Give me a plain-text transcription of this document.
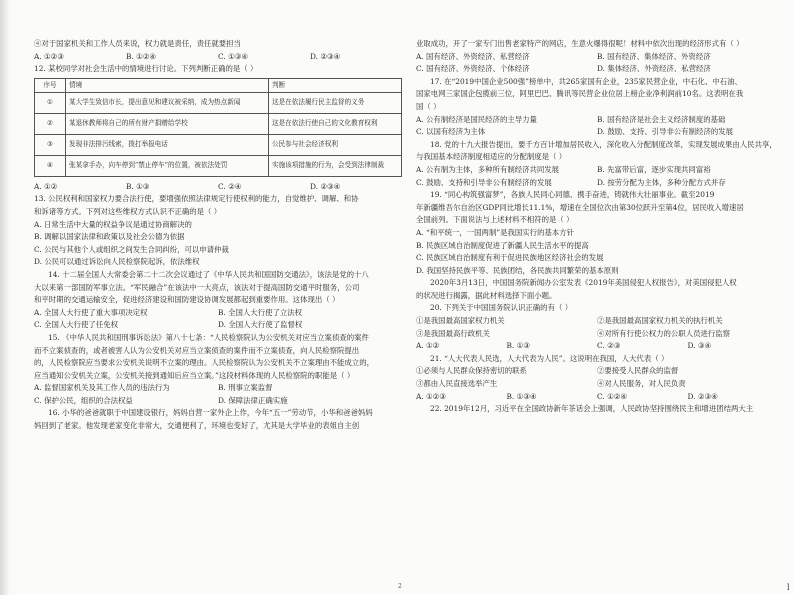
④对于国家机关和工作人员来说，权力就是责任，责任就要担当
A. ①②③	B. ①②④	C. ①③④	D. ②③④
12. 某校同学对社会生活中的情境进行讨论。下列判断正确的是（ ）
序号	情境	判断
①	某大学生致信市长，提出意见和建议被采纳，成为热点新闻	这是在依法履行民主监督的义务
②	某退休教师将自己的所有财产捐赠给学校	这是在依法行使自己的文化教育权利
③	发现非法排污线索，拨打举报电话	公民参与社会经济权利
④	张某拿手办，向车停到“禁止停车”的位置，被依法处罚	实施该项措施的行为，会受到法律制裁
A. ①②	B. ①③	C. ②④	D. ②③④
13. 公民权利和国家权力要合法行使，要增强依照法律规定行使权利的能力，自觉维护、调解、和协
和诉诸等方式。下列对这些维权方式认识不正确的是（ ）
A. 日常生活中大量的权益争议是通过协商解决的
B. 调解以国家法律和政策以及社会公德为依据
C. 公民与其他个人或组织之间发生合同纠纷，可以申请仲裁
D. 公民可以通过诉讼向人民检察院起诉，依法维权
14. 十二届全国人大常委会第二十二次会议通过了《中华人民共和国国防交通法》，该法是党的十八
大以来第一部国防军事立法。“军民融合”在该法中一大亮点，该法对于提高国防交通平时服务，公司
和平时期的交通运输安全，促进经济建设和国防建设协调发展都起到重要作用。这体现出（ ）
A. 全国人大行使了重大事项决定权	B. 全国人大行使了立法权
C. 全国人大行使了任免权	D. 全国人大行使了监督权
15. 《中华人民共和国刑事诉讼法》第八十七条：“人民检察院认为公安机关对应当立案侦查的案件
而不立案侦查的，或者被害人认为公安机关对应当立案侦查的案件而不立案侦查，向人民检察院提出
的，人民检察院应当要求公安机关说明不立案的理由。人民检察院认为公安机关不立案理由不能成立的，
应当通知公安机关立案，公安机关接到通知后应当立案。”这段材料体现的人民检察院的职能是（ ）
A. 监督国家机关及其工作人员的违法行为	B. 刑事立案监督
C. 保护公民，组织的合法权益	D. 保障法律正确实施
16. 小华的爸爸就职于中国建设银行，妈妈自营一家外企上作，今年“五一”劳动节，小华和爸爸妈妈
妈回到了老家。他发现老家变化非常大，交通便利了，环境也变好了，尤其是大学毕业的表姐自主创
业取成功，开了一家专门出售老家特产的网店，生意火爆得很呢！材料中依次出现的经济形式有（ ）
A. 国有经济、外资经济、私营经济	B. 国有经济、集体经济、外资经济
C. 国有经济、外资经济、个体经济	D. 集体经济、外资经济、私营经济
17. 在“2019中国企业500强”榜单中，共265家国有企业，235家民营企业，中石化、中石油、
国家电网三家国企包揽前三位，阿里巴巴、腾讯等民营企业位居上榜企业净利润前10名。这表明在我
国（ ）
A. 公有制经济是国民经济的主导力量	B. 国有经济是社会主义经济制度的基础
C. 以国有经济为主体	D. 鼓励、支持、引导非公有制经济的发展
18. 党的十九大报告提出，要千方百计增加居民收入，深化收入分配制度改革，实现发展成果由人民共享，
与我国基本经济制度相适应的分配制度是（ ）
A. 公有制为主体，多种所有制经济共同发展	B. 先富带后富，逐步实现共同富裕
C. 鼓励、支持和引导非公有制经济的发展	D. 按劳分配为主体，多种分配方式并存
19. “同心构筑强富梦”，各族人民同心同德、携手奋进，铸就伟大壮丽事业。截至2019
年新疆维吾尔自治区GDP同比增长11.1%，增速在全国位次由第30位跃升至第4位，居民收入增速居
全国前列。下面说法与上述材料不相符的是（ ）
A. “和平统一，一国两制”是我国实行的基本方针
B. 民族区域自治制度促进了新疆人民生活水平的提高
C. 民族区域自治制度有利于促进民族地区经济社会的发展
D. 我国坚持民族平等、民族团结，各民族共同繁荣的基本原则
2020年3月13日，中国国务院新闻办公室发表《2019年美国侵犯人权报告》，对美国侵犯人权
的状况进行揭露，据此材料选择下面小题。
20. 下列关于中国国务院认识正确的有（ ）
①是我国最高国家权力机关	②是我国最高国家权力机关的执行机关
③是我国最高行政机关	④对所有行使公权力的公职人员进行监察
A. ①②	B. ①③	C. ②③	D. ③④
21. “人大代表人民选，人大代表为人民”。这说明在我国，人大代表（ ）
①必须与人民群众保持密切的联系	②要接受人民群众的监督
③都由人民直接选举产生	④对人民服务，对人民负责
A. ①②③	B. ①③④	C. ①②④	D. ②③④
22. 2019年12月，习近平在全国政协新年茶话会上强调，人民政协坚持围绕民主和增进团结两大主
2	l
